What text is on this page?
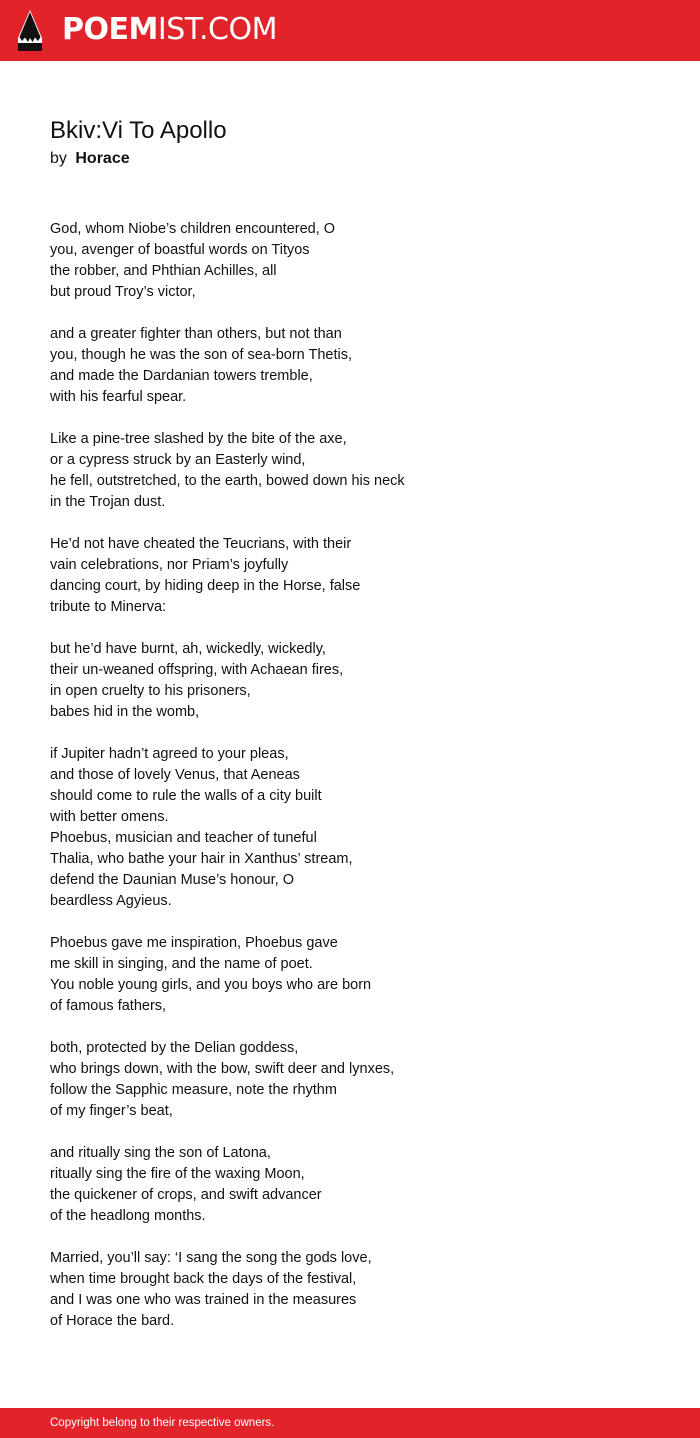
POEMIST.COM
Bkiv:Vi To Apollo
by Horace
God, whom Niobe’s children encountered, O
you, avenger of boastful words on Tityos
the robber, and Phthian Achilles, all
but proud Troy’s victor,
and a greater fighter than others, but not than
you, though he was the son of sea-born Thetis,
and made the Dardanian towers tremble,
with his fearful spear.
Like a pine-tree slashed by the bite of the axe,
or a cypress struck by an Easterly wind,
he fell, outstretched, to the earth, bowed down his neck
in the Trojan dust.
He’d not have cheated the Teucrians, with their
vain celebrations, nor Priam’s joyfully
dancing court, by hiding deep in the Horse, false
tribute to Minerva:
but he’d have burnt, ah, wickedly, wickedly,
their un-weaned offspring, with Achaean fires,
in open cruelty to his prisoners,
babes hid in the womb,
if Jupiter hadn’t agreed to your pleas,
and those of lovely Venus, that Aeneas
should come to rule the walls of a city built
with better omens.
Phoebus, musician and teacher of tuneful
Thalia, who bathe your hair in Xanthus’ stream,
defend the Daunian Muse’s honour, O
beardless Agyieus.
Phoebus gave me inspiration, Phoebus gave
me skill in singing, and the name of poet.
You noble young girls, and you boys who are born
of famous fathers,
both, protected by the Delian goddess,
who brings down, with the bow, swift deer and lynxes,
follow the Sapphic measure, note the rhythm
of my finger’s beat,
and ritually sing the son of Latona,
ritually sing the fire of the waxing Moon,
the quickener of crops, and swift advancer
of the headlong months.
Married, you’ll say: ‘I sang the song the gods love,
when time brought back the days of the festival,
and I was one who was trained in the measures
of Horace the bard.
Copyright belong to their respective owners.
